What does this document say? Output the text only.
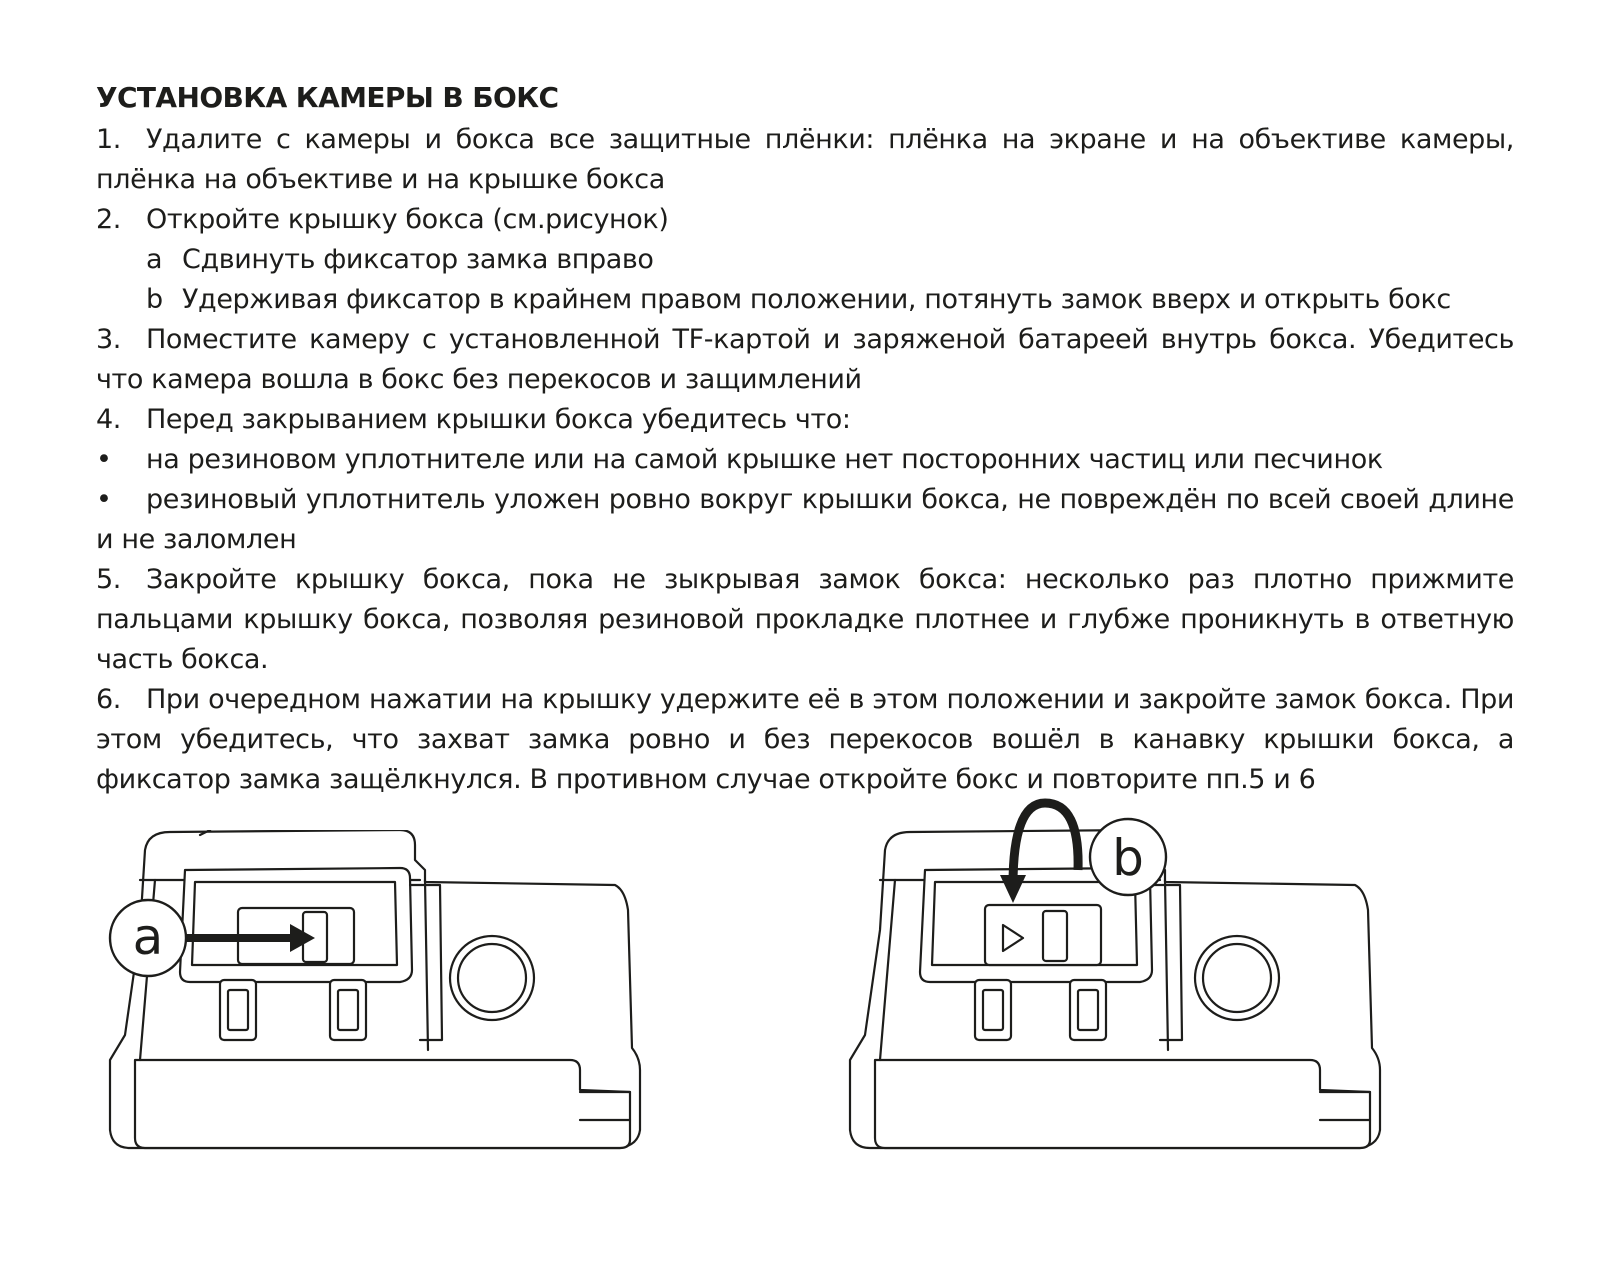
УСТАНОВКА КАМЕРЫ В БОКС
1. Удалите с камеры и бокса все защитные плёнки: плёнка на экране и на объективе камеры, плёнка на объективе и на крышке бокса
2. Откройте крышку бокса (см.рисунок)
a Сдвинуть фиксатор замка вправо
b Удерживая фиксатор в крайнем правом положении, потянуть замок вверх и открыть бокс
3. Поместите камеру с установленной TF-картой и заряженой батареей внутрь бокса. Убедитесь что камера вошла в бокс без перекосов и защимлений
4. Перед закрыванием крышки бокса убедитесь что:
• на резиновом уплотнителе или на самой крышке нет посторонних частиц или песчинок
• резиновый уплотнитель уложен ровно вокруг крышки бокса, не повреждён по всей своей длине и не заломлен
5. Закройте крышку бокса, пока не зыкрывая замок бокса: несколько раз плотно прижмите пальцами крышку бокса, позволяя резиновой прокладке плотнее и глубже проникнуть в ответную часть бокса.
6. При очередном нажатии на крышку удержите её в этом положении и закройте замок бокса. При этом убедитесь, что захват замка ровно и без перекосов вошёл в канавку крышки бокса, а фиксатор замка защёлкнулся. В противном случае откройте бокс и повторите пп.5 и 6
a
b
